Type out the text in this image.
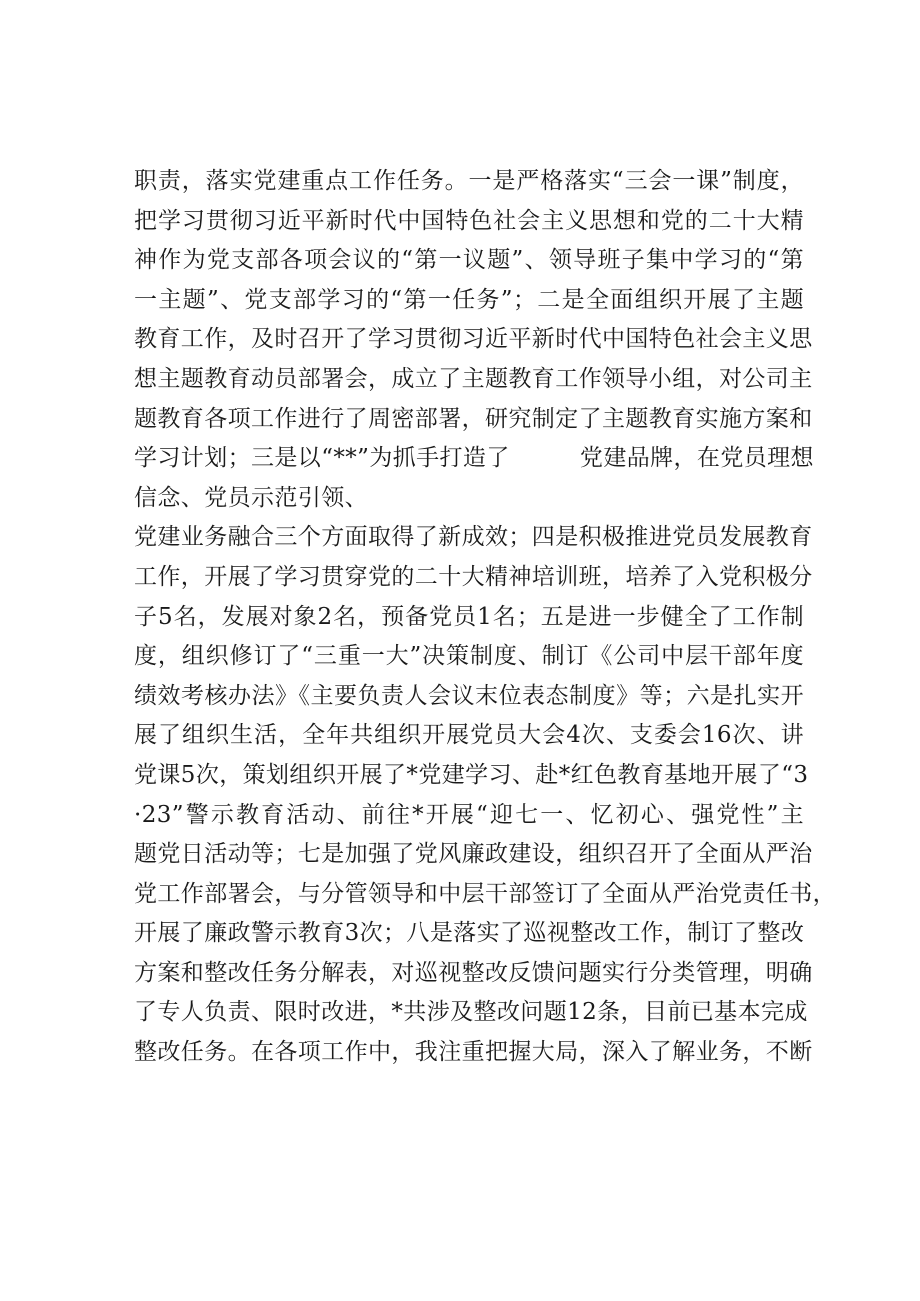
职责，落实党建重点工作任务。一是严格落实“三会一课”制度，
把学习贯彻习近平新时代中国特色社会主义思想和党的二十大精
神作为党支部各项会议的“第一议题”、领导班子集中学习的“第
一主题”、党支部学习的“第一任务”；二是全面组织开展了主题
教育工作，及时召开了学习贯彻习近平新时代中国特色社会主义思
想主题教育动员部署会，成立了主题教育工作领导小组，对公司主
题教育各项工作进行了周密部署，研究制定了主题教育实施方案和
学习计划；三是以“**”为抓手打造了　　　党建品牌，在党员理想
信念、党员示范引领、
党建业务融合三个方面取得了新成效；四是积极推进党员发展教育
工作，开展了学习贯穿党的二十大精神培训班，培养了入党积极分
子5名，发展对象2名，预备党员1名；五是进一步健全了工作制
度，组织修订了“三重一大”决策制度、制订《公司中层干部年度
绩效考核办法》《主要负责人会议末位表态制度》等；六是扎实开
展了组织生活，全年共组织开展党员大会4次、支委会16次、讲
党课5次，策划组织开展了*党建学习、赴*红色教育基地开展了“3
·23”警示教育活动、前往*开展“迎七一、忆初心、强党性”主
题党日活动等；七是加强了党风廉政建设，组织召开了全面从严治
党工作部署会，与分管领导和中层干部签订了全面从严治党责任书，
开展了廉政警示教育3次；八是落实了巡视整改工作，制订了整改
方案和整改任务分解表，对巡视整改反馈问题实行分类管理，明确
了专人负责、限时改进，*共涉及整改问题12条，目前已基本完成
整改任务。在各项工作中，我注重把握大局，深入了解业务，不断
